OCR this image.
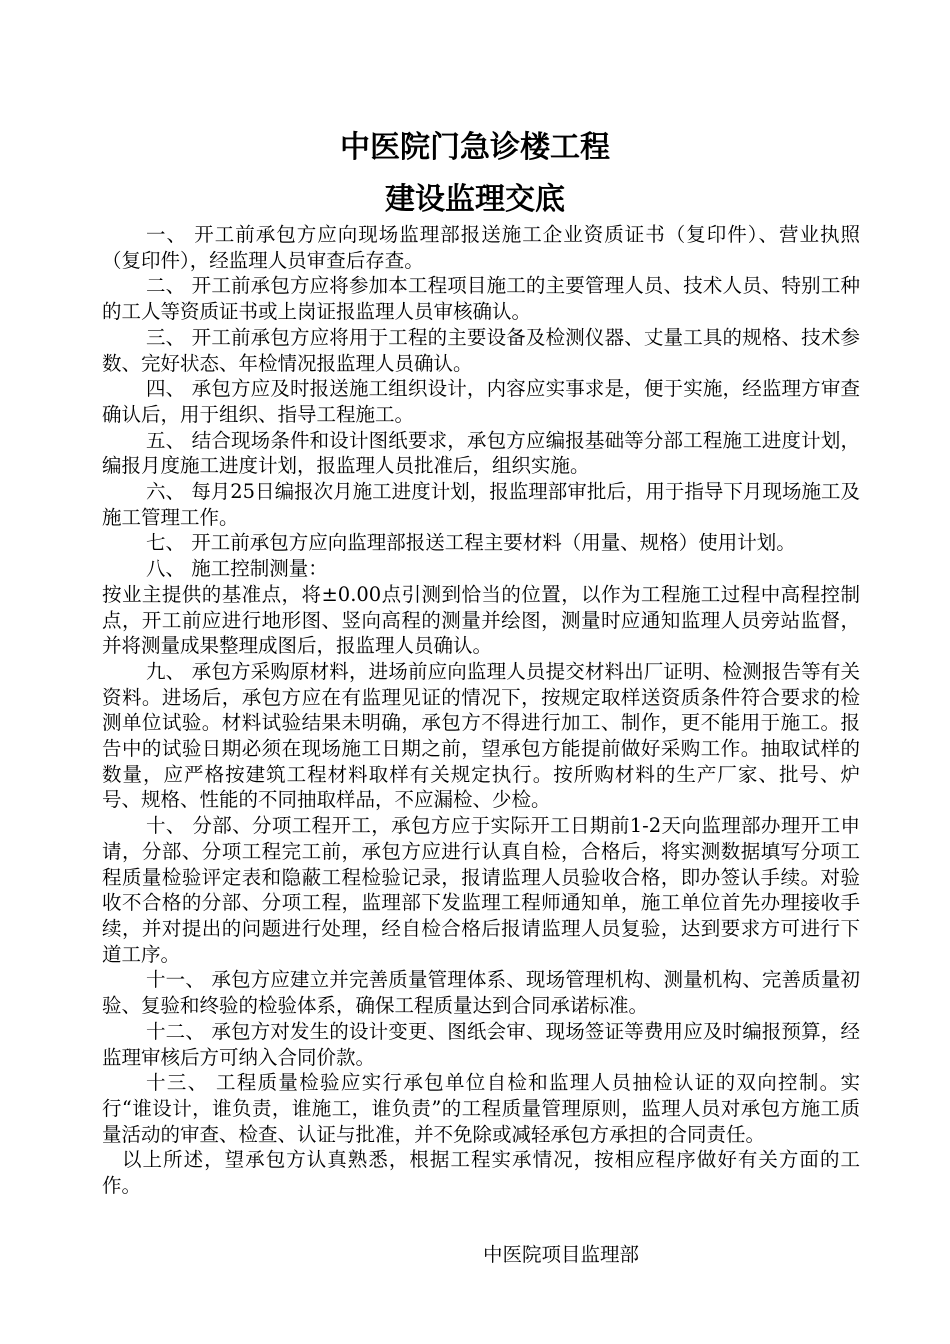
中医院门急诊楼工程
建设监理交底

一、 开工前承包方应向现场监理部报送施工企业资质证书（复印件）、营业执照（复印件），经监理人员审查后存查。

二、 开工前承包方应将参加本工程项目施工的主要管理人员、技术人员、特别工种的工人等资质证书或上岗证报监理人员审核确认。

三、 开工前承包方应将用于工程的主要设备及检测仪器、丈量工具的规格、技术参数、完好状态、年检情况报监理人员确认。

四、 承包方应及时报送施工组织设计，内容应实事求是，便于实施，经监理方审查确认后，用于组织、指导工程施工。

五、 结合现场条件和设计图纸要求，承包方应编报基础等分部工程施工进度计划，编报月度施工进度计划，报监理人员批准后，组织实施。

六、 每月25日编报次月施工进度计划，报监理部审批后，用于指导下月现场施工及施工管理工作。

七、 开工前承包方应向监理部报送工程主要材料（用量、规格）使用计划。

八、 施工控制测量：

按业主提供的基准点，将±0.00点引测到恰当的位置，以作为工程施工过程中高程控制点，开工前应进行地形图、竖向高程的测量并绘图，测量时应通知监理人员旁站监督，并将测量成果整理成图后，报监理人员确认。

九、 承包方采购原材料，进场前应向监理人员提交材料出厂证明、检测报告等有关资料。进场后，承包方应在有监理见证的情况下，按规定取样送资质条件符合要求的检测单位试验。材料试验结果未明确，承包方不得进行加工、制作，更不能用于施工。报告中的试验日期必须在现场施工日期之前，望承包方能提前做好采购工作。抽取试样的数量，应严格按建筑工程材料取样有关规定执行。按所购材料的生产厂家、批号、炉号、规格、性能的不同抽取样品，不应漏检、少检。

十、 分部、分项工程开工，承包方应于实际开工日期前1-2天向监理部办理开工申请，分部、分项工程完工前，承包方应进行认真自检，合格后，将实测数据填写分项工程质量检验评定表和隐蔽工程检验记录，报请监理人员验收合格，即办签认手续。对验收不合格的分部、分项工程，监理部下发监理工程师通知单，施工单位首先办理接收手续，并对提出的问题进行处理，经自检合格后报请监理人员复验，达到要求方可进行下道工序。

十一、 承包方应建立并完善质量管理体系、现场管理机构、测量机构、完善质量初验、复验和终验的检验体系，确保工程质量达到合同承诺标准。

十二、 承包方对发生的设计变更、图纸会审、现场签证等费用应及时编报预算，经监理审核后方可纳入合同价款。

十三、 工程质量检验应实行承包单位自检和监理人员抽检认证的双向控制。实行“谁设计，谁负责，谁施工，谁负责”的工程质量管理原则，监理人员对承包方施工质量活动的审查、检查、认证与批准，并不免除或减轻承包方承担的合同责任。

以上所述，望承包方认真熟悉，根据工程实承情况，按相应程序做好有关方面的工作。

中医院项目监理部
